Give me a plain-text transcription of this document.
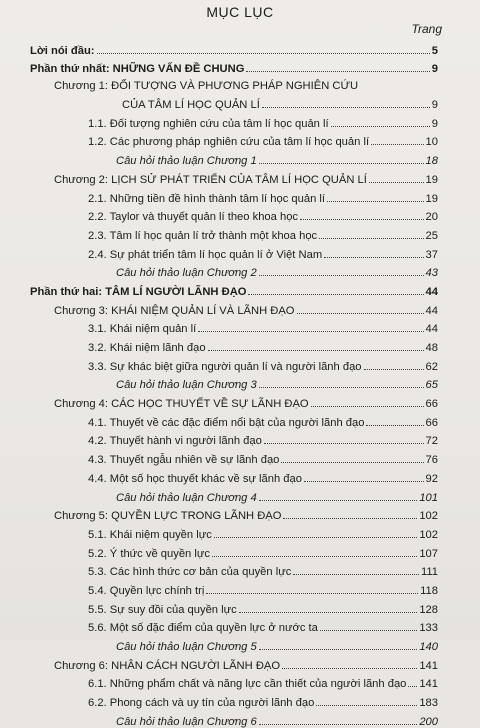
MỤC LỤC
Trang
Lời nói đầu:	5
Phần thứ nhất: NHỮNG VẤN ĐỀ CHUNG	9
Chương 1: ĐỐI TƯỢNG VÀ PHƯƠNG PHÁP NGHIÊN CỨU
CỦA TÂM LÍ HỌC QUẢN LÍ	9
1.1. Đối tượng nghiên cứu của tâm lí học quản lí	9
1.2. Các phương pháp nghiên cứu của tâm lí học quản lí	10
Câu hỏi thảo luận Chương 1	18
Chương 2: LỊCH SỬ PHÁT TRIỂN CỦA TÂM LÍ HỌC QUẢN LÍ	19
2.1. Những tiền đề hình thành tâm lí học quản lí	19
2.2. Taylor và thuyết quản lí theo khoa học	20
2.3. Tâm lí học quản lí trở thành một khoa học	25
2.4. Sự phát triển tâm lí học quản lí ở Việt Nam	37
Câu hỏi thảo luận Chương 2	43
Phần thứ hai: TÂM LÍ NGƯỜI LÃNH ĐẠO	44
Chương 3: KHÁI NIỆM QUẢN LÍ VÀ LÃNH ĐẠO	44
3.1. Khái niệm quản lí	44
3.2. Khái niệm lãnh đạo	48
3.3. Sự khác biệt giữa người quản lí và người lãnh đạo	62
Câu hỏi thảo luận Chương 3	65
Chương 4: CÁC HỌC THUYẾT VỀ SỰ LÃNH ĐẠO	66
4.1. Thuyết về các đặc điểm nổi bật của người lãnh đạo	66
4.2. Thuyết hành vi người lãnh đạo	72
4.3. Thuyết ngẫu nhiên về sự lãnh đạo	76
4.4. Một số học thuyết khác về sự lãnh đạo	92
Câu hỏi thảo luận Chương 4	101
Chương 5: QUYỀN LỰC TRONG LÃNH ĐẠO	102
5.1. Khái niệm quyền lực	102
5.2. Ý thức về quyền lực	107
5.3. Các hình thức cơ bản của quyền lực	111
5.4. Quyền lực chính trị	118
5.5. Sự suy đồi của quyền lực	128
5.6. Một số đặc điểm của quyền lực ở nước ta	133
Câu hỏi thảo luận Chương 5	140
Chương 6: NHÂN CÁCH NGƯỜI LÃNH ĐẠO	141
6.1. Những phẩm chất và năng lực cần thiết của người lãnh đạo 141
6.2. Phong cách và uy tín của người lãnh đạo	183
Câu hỏi thảo luận Chương 6	200
